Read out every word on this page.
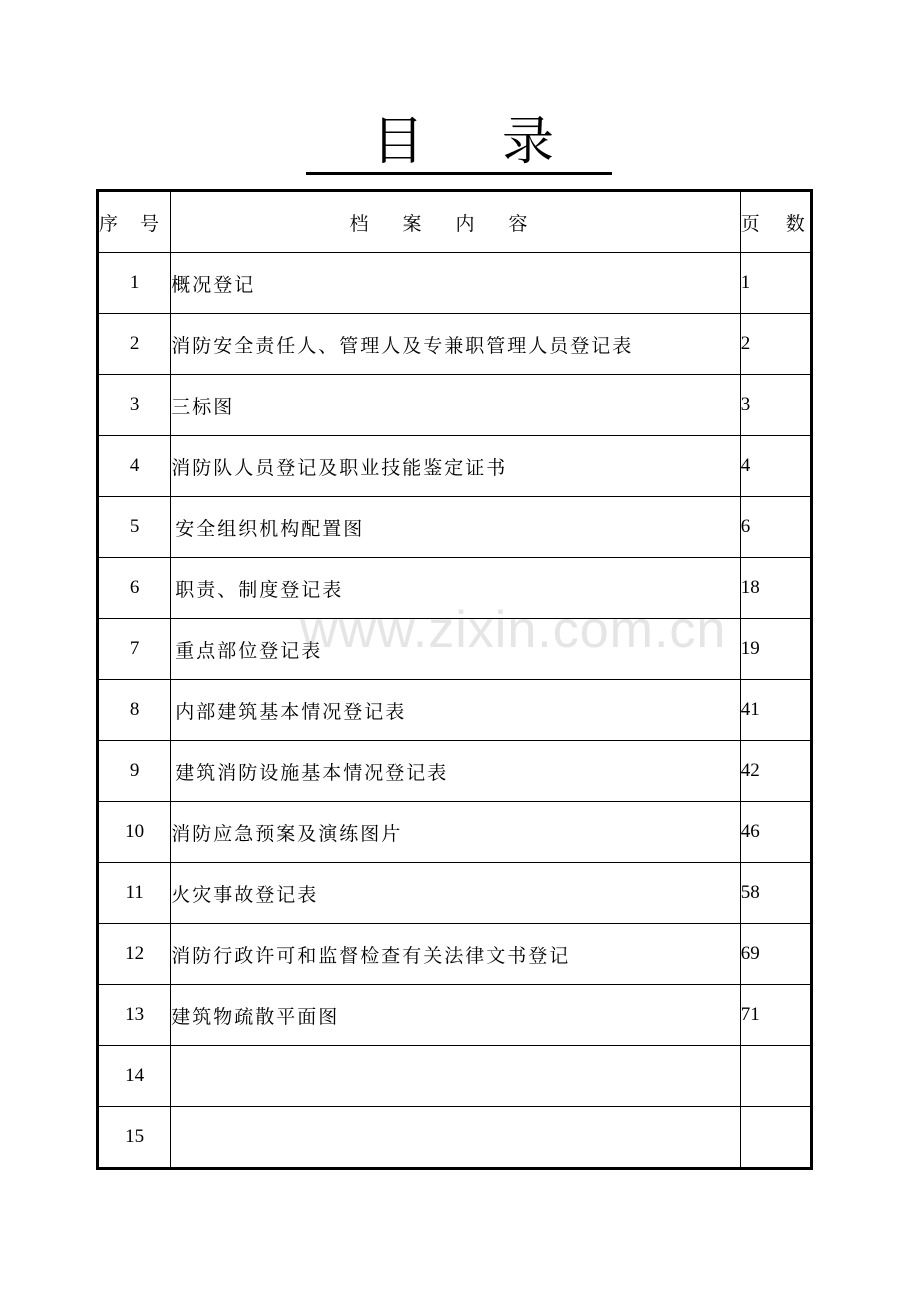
目 录
序号	档案内容	页数
1	概况登记	1
2	消防安全责任人、管理人及专兼职管理人员登记表	2
3	三标图	3
4	消防队人员登记及职业技能鉴定证书	4
5	安全组织机构配置图	6
6	职责、制度登记表	18
7	重点部位登记表	19
8	内部建筑基本情况登记表	41
9	建筑消防设施基本情况登记表	42
10	消防应急预案及演练图片	46
11	火灾事故登记表	58
12	消防行政许可和监督检查有关法律文书登记	69
13	建筑物疏散平面图	71
14		
15		
www.zixin.com.cn
